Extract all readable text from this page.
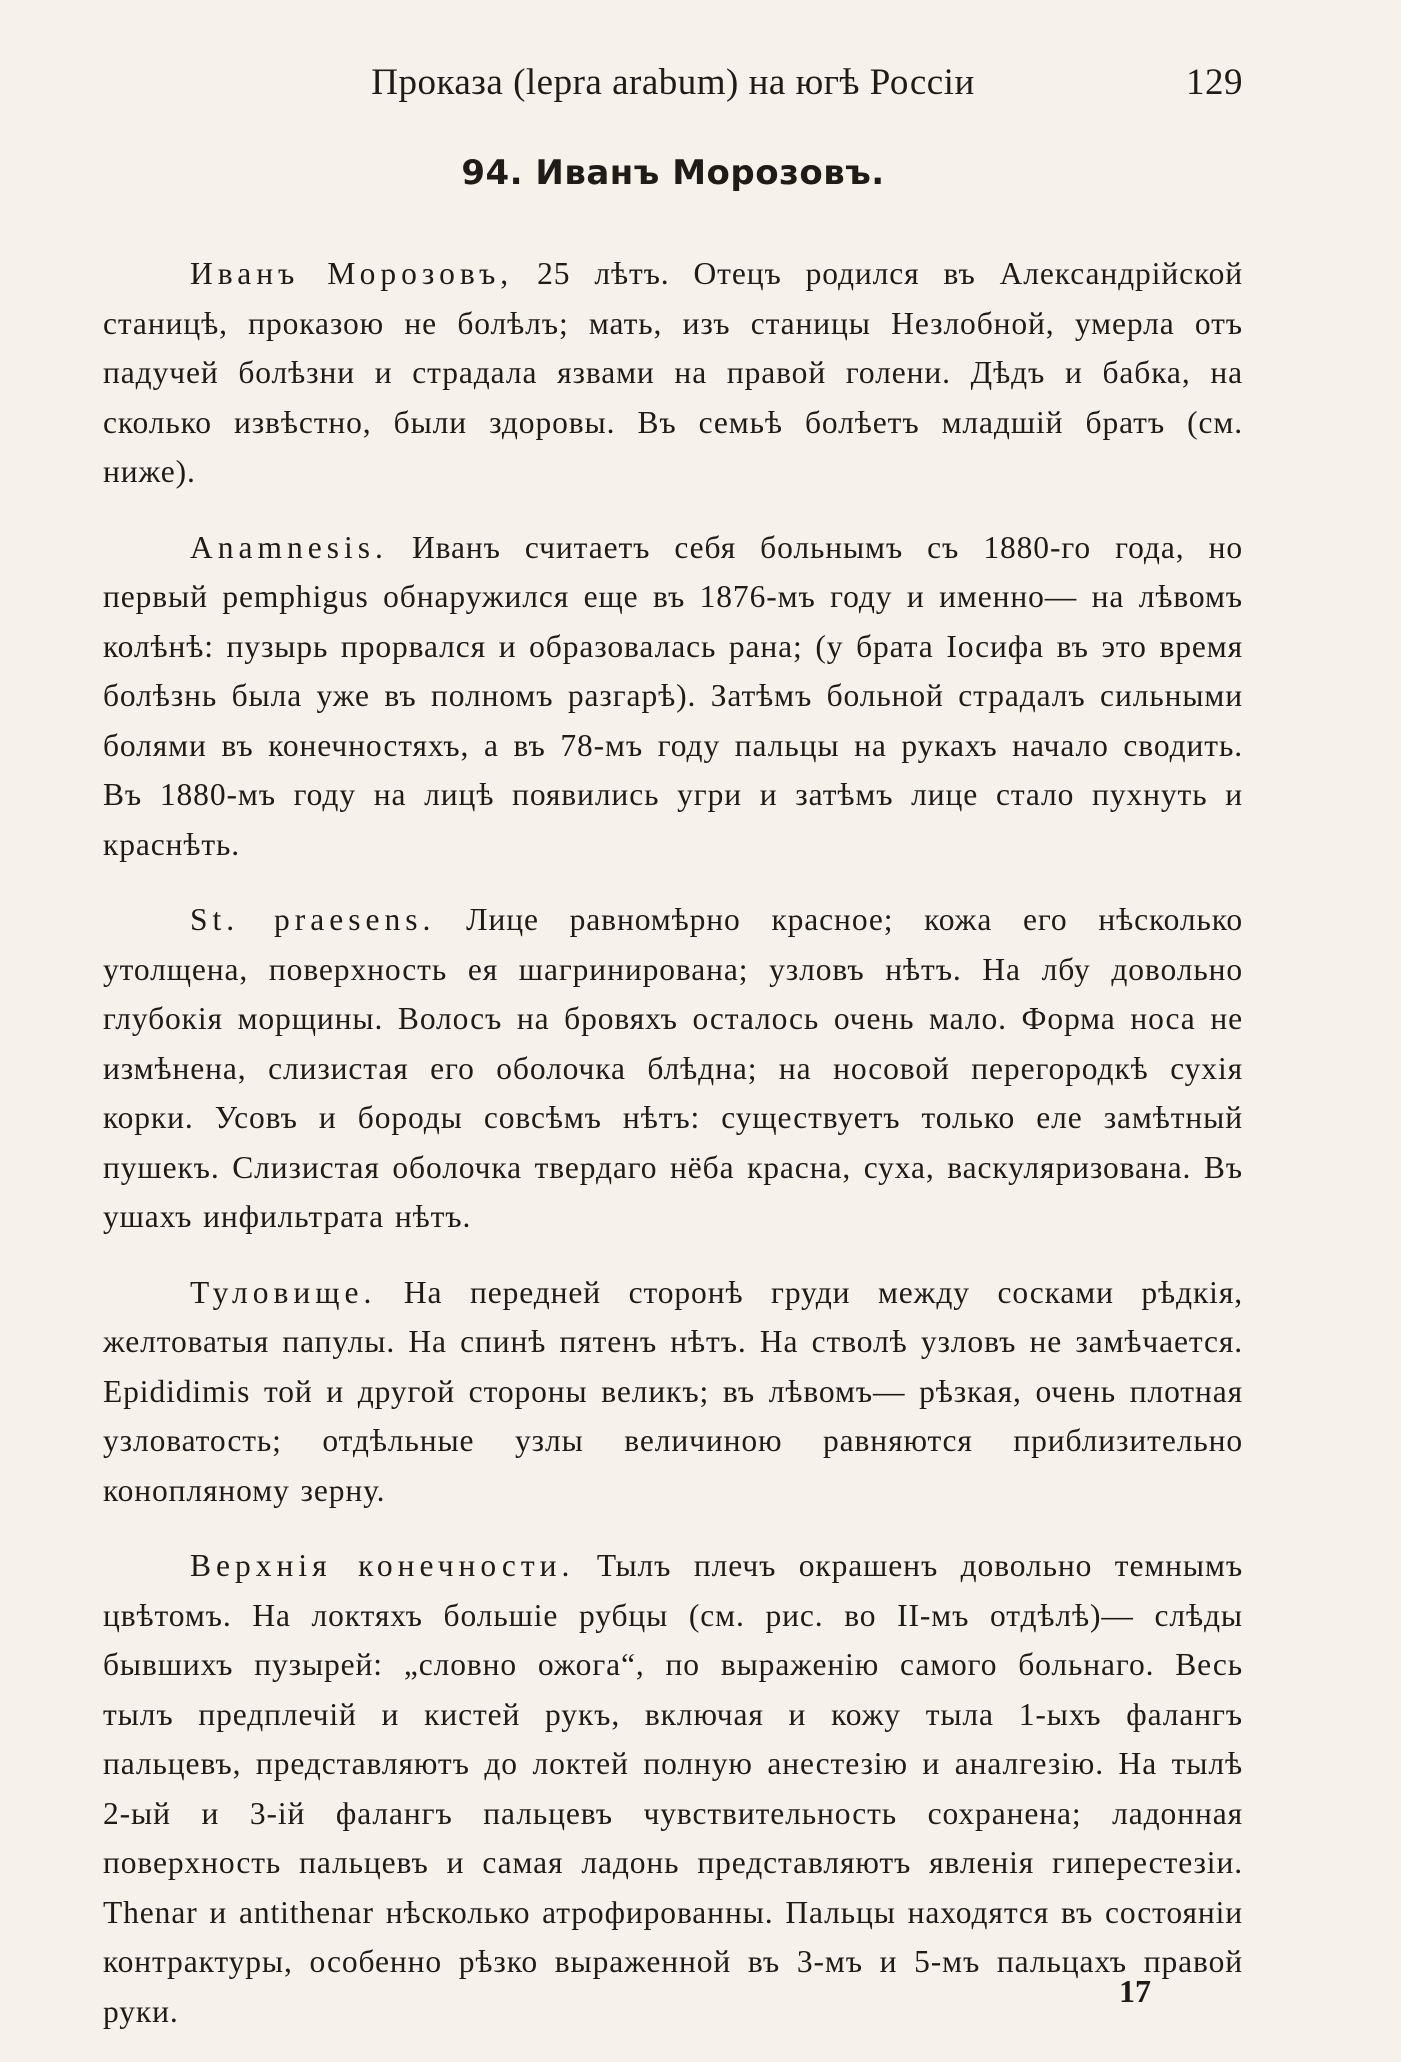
Проказа (lepra arabum) на югѣ Россіи	129
94. Иванъ Морозовъ.

Иванъ Морозовъ, 25 лѣтъ. Отецъ родился въ Александрійской станицѣ, проказою не болѣлъ; мать, изъ станицы Незлобной, умерла отъ падучей болѣзни и страдала язвами на правой голени. Дѣдъ и бабка, на сколько извѣстно, были здоровы. Въ семьѣ болѣетъ младшій братъ (см. ниже).

Anamnesis. Иванъ считаетъ себя больнымъ съ 1880-го года, но первый pemphigus обнаружился еще въ 1876-мъ году и именно— на лѣвомъ колѣнѣ: пузырь прорвался и образовалась рана; (у брата Іосифа въ это время болѣзнь была уже въ полномъ разгарѣ). Затѣмъ больной страдалъ сильными болями въ конечностяхъ, а въ 78-мъ году пальцы на рукахъ начало сводить. Въ 1880-мъ году на лицѣ появились угри и затѣмъ лице стало пухнуть и краснѣть.

St. praesens. Лице равномѣрно красное; кожа его нѣсколько утолщена, поверхность ея шагринирована; узловъ нѣтъ. На лбу довольно глубокія морщины. Волосъ на бровяхъ осталось очень мало. Форма носа не измѣнена, слизистая его оболочка блѣдна; на носовой перегородкѣ сухія корки. Усовъ и бороды совсѣмъ нѣтъ: существуетъ только еле замѣтный пушекъ. Слизистая оболочка твердаго нёба красна, суха, васкуляризована. Въ ушахъ инфильтрата нѣтъ.

Туловище. На передней сторонѣ груди между сосками рѣдкія, желтоватыя папулы. На спинѣ пятенъ нѣтъ. На стволѣ узловъ не замѣчается. Epididimis той и другой стороны великъ; въ лѣвомъ— рѣзкая, очень плотная узловатость; отдѣльные узлы величиною равняются приблизительно конопляному зерну.

Верхнія конечности. Тылъ плечъ окрашенъ довольно темнымъ цвѣтомъ. На локтяхъ большіе рубцы (см. рис. во II-мъ отдѣлѣ)— слѣды бывшихъ пузырей: „словно ожога“, по выраженію самого больнаго. Весь тылъ предплечій и кистей рукъ, включая и кожу тыла 1-ыхъ фалангъ пальцевъ, представляютъ до локтей полную анестезію и аналгезію. На тылѣ 2-ый и 3-ій фалангъ пальцевъ чувствительность сохранена; ладонная поверхность пальцевъ и самая ладонь представляютъ явленія гиперестезіи. Thenar и antithenar нѣсколько атрофированны. Пальцы находятся въ состояніи контрактуры, особенно рѣзко выраженной въ 3-мъ и 5-мъ пальцахъ правой руки.

17
